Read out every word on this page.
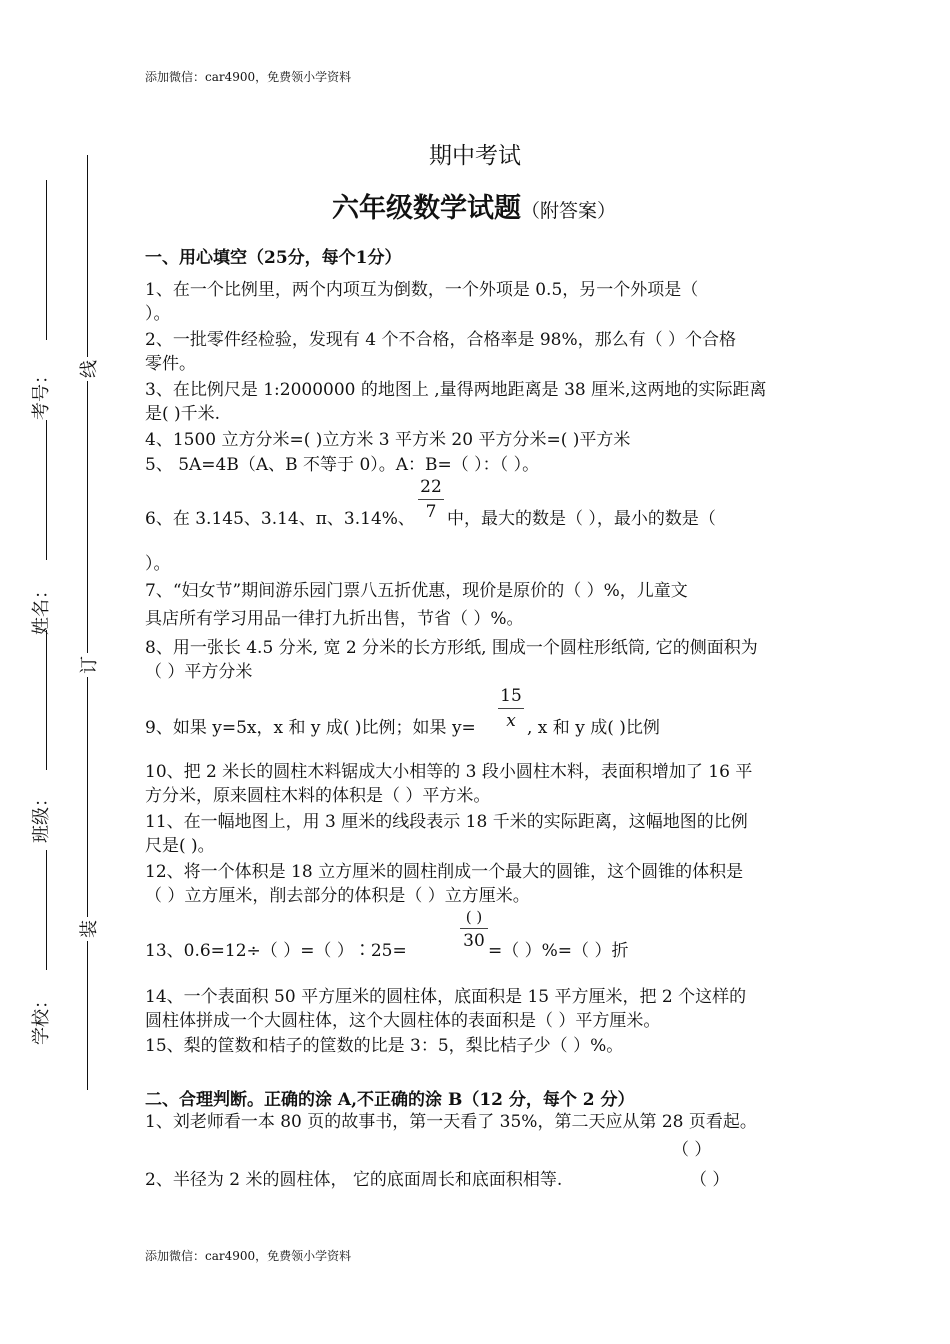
添加微信：car4900，免费领小学资料
考号：
姓名：
班级：
学校：
线
订
装
期中考试
六年级数学试题（附答案）
一、用心填空（25分，每个1分）
1、在一个比例里，两个内项互为倒数，一个外项是 0.5，另一个外项是（
）。
2、一批零件经检验，发现有 4 个不合格，合格率是 98%，那么有（ ）个合格
零件。
3、在比例尺是 1:2000000 的地图上 ,量得两地距离是 38 厘米,这两地的实际距离
是( )千米.
4、1500 立方分米=( )立方米 3 平方米 20 平方分米=( )平方米
5、 5A=4B（A、B 不等于 0）。A：B=（ ）：（ ）。
22
7
6、在 3.145、3.14、π、3.14%、 中，最大的数是（ ），最小的数是（
）。
7、“妇女节”期间游乐园门票八五折优惠，现价是原价的（ ）%，儿童文
具店所有学习用品一律打九折出售，节省（ ）%。
8、用一张长 4.5 分米, 宽 2 分米的长方形纸, 围成一个圆柱形纸筒, 它的侧面积为
（ ）平方分米
15
x
9、如果 y=5x，x 和 y 成( )比例；如果 y=	, x 和 y 成( )比例
10、把 2 米长的圆柱木料锯成大小相等的 3 段小圆柱木料，表面积增加了 16 平
方分米，原来圆柱木料的体积是（ ）平方米。
11、在一幅地图上，用 3 厘米的线段表示 18 千米的实际距离，这幅地图的比例
尺是( )。
12、将一个体积是 18 立方厘米的圆柱削成一个最大的圆锥，这个圆锥的体积是
（ ）立方厘米，削去部分的体积是（ ）立方厘米。
( )
30
13、0.6=12÷（ ）=（ ）∶25=	=（ ）%=（ ）折
14、一个表面积 50 平方厘米的圆柱体，底面积是 15 平方厘米，把 2 个这样的
圆柱体拼成一个大圆柱体，这个大圆柱体的表面积是（ ）平方厘米。
15、梨的筐数和桔子的筐数的比是 3：5，梨比桔子少（ ）%。
二、合理判断。正确的涂 A,不正确的涂 B（12 分，每个 2 分）
1、刘老师看一本 80 页的故事书，第一天看了 35%，第二天应从第 28 页看起。
（ ）
2、半径为 2 米的圆柱体， 它的底面周长和底面积相等.	（ ）
添加微信：car4900，免费领小学资料
